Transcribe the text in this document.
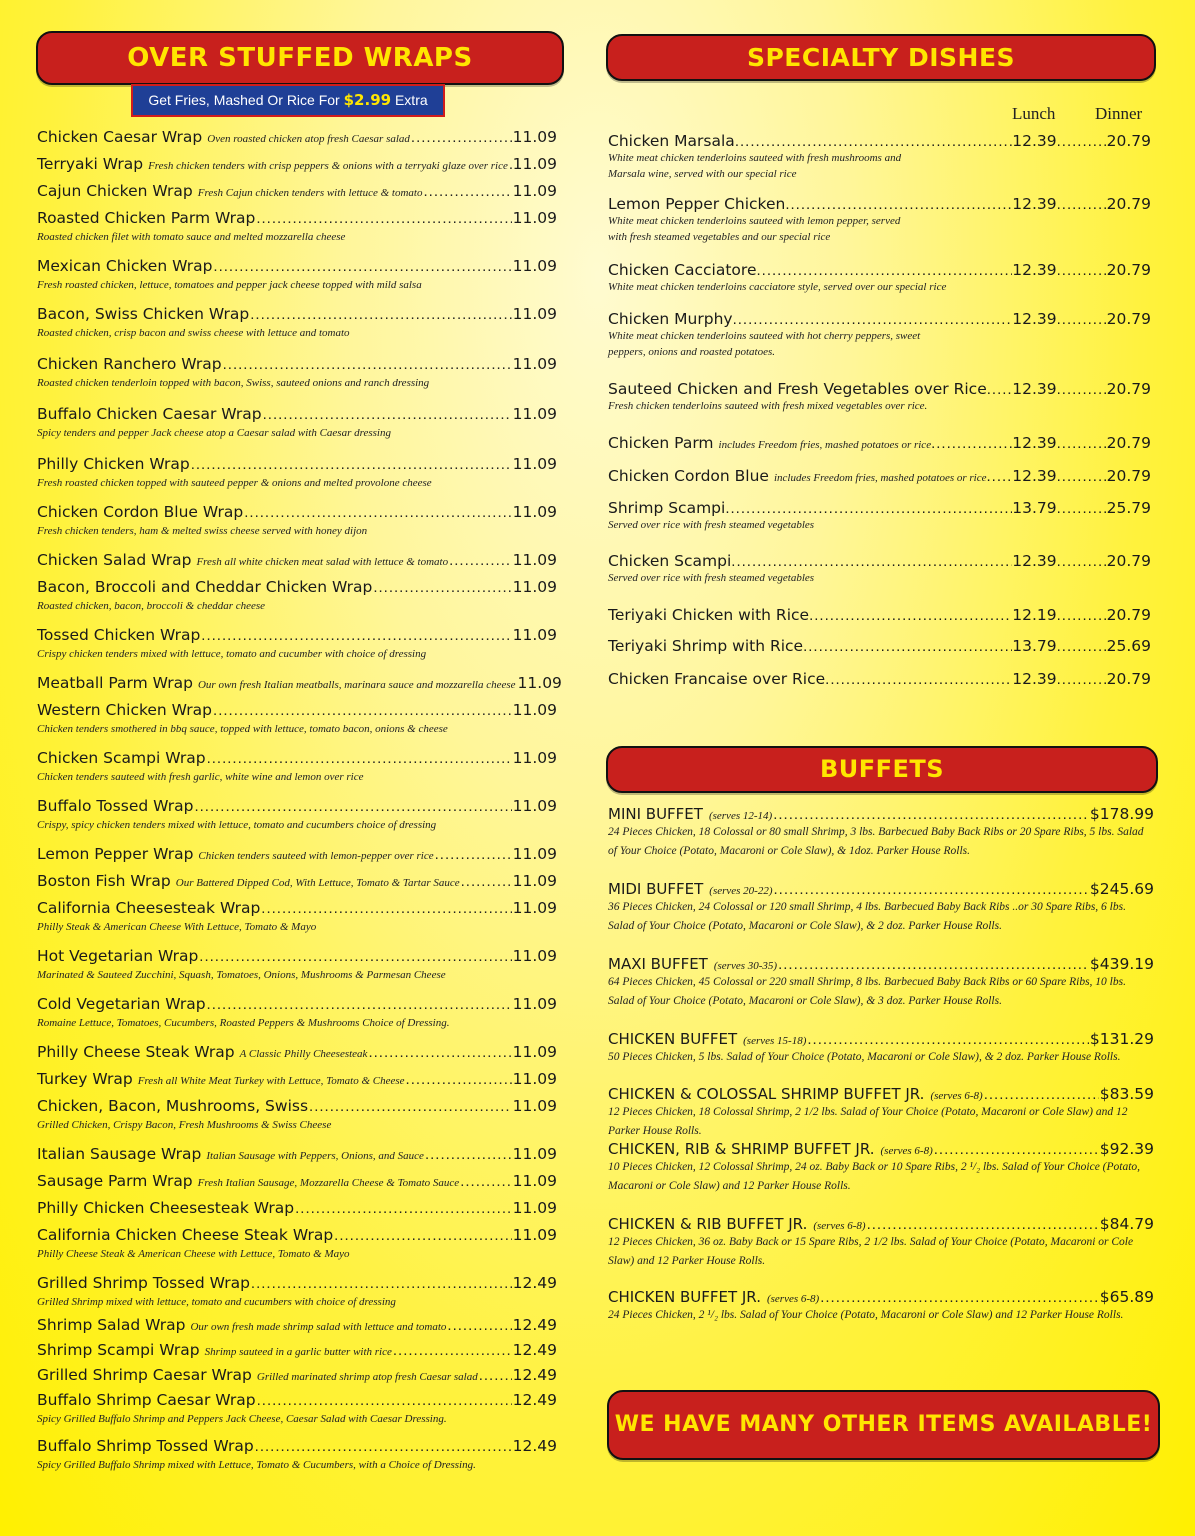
OVER STUFFED WRAPS
Get Fries, Mashed Or Rice For $2.99 Extra
Chicken Caesar Wrap Oven roasted chicken atop fresh Caesar salad .....	11.09
Terryaki Wrap Fresh chicken tenders with crisp peppers & onions with a terryaki glaze over rice ..... 11.09
Cajun Chicken Wrap Fresh Cajun chicken tenders with lettuce & tomato .....	11.09
Roasted Chicken Parm Wrap .....	11.09
Roasted chicken filet with tomato sauce and melted mozzarella cheese
Mexican Chicken Wrap .....	11.09
Fresh roasted chicken, lettuce, tomatoes and pepper jack cheese topped with mild salsa
Bacon, Swiss Chicken Wrap .....	11.09
Roasted chicken, crisp bacon and swiss cheese with lettuce and tomato
Chicken Ranchero Wrap .....	11.09
Roasted chicken tenderloin topped with bacon, Swiss, sauteed onions and ranch dressing
Buffalo Chicken Caesar Wrap .....	11.09
Spicy tenders and pepper Jack cheese atop a Caesar salad with Caesar dressing
Philly Chicken Wrap .....	11.09
Fresh roasted chicken topped with sauteed pepper & onions and melted provolone cheese
Chicken Cordon Blue Wrap .....	11.09
Fresh chicken tenders, ham & melted swiss cheese served with honey dijon
Chicken Salad Wrap Fresh all white chicken meat salad with lettuce & tomato .....	11.09
Bacon, Broccoli and Cheddar Chicken Wrap .....	11.09
Roasted chicken, bacon, broccoli & cheddar cheese
Tossed Chicken Wrap .....	11.09
Crispy chicken tenders mixed with lettuce, tomato and cucumber with choice of dressing
Meatball Parm Wrap Our own fresh Italian meatballs, marinara sauce and mozzarella cheese 11.09
Western Chicken Wrap .....	11.09
Chicken tenders smothered in bbq sauce, topped with lettuce, tomato bacon, onions & cheese
Chicken Scampi Wrap .....	11.09
Chicken tenders sauteed with fresh garlic, white wine and lemon over rice
Buffalo Tossed Wrap .....	11.09
Crispy, spicy chicken tenders mixed with lettuce, tomato and cucumbers choice of dressing
Lemon Pepper Wrap Chicken tenders sauteed with lemon-pepper over rice .....	11.09
Boston Fish Wrap Our Battered Dipped Cod, With Lettuce, Tomato & Tartar Sauce .....	11.09
California Cheesesteak Wrap .....	11.09
Philly Steak & American Cheese With Lettuce, Tomato & Mayo
Hot Vegetarian Wrap .....	11.09
Marinated & Sauteed Zucchini, Squash, Tomatoes, Onions, Mushrooms & Parmesan Cheese
Cold Vegetarian Wrap .....	11.09
Romaine Lettuce, Tomatoes, Cucumbers, Roasted Peppers & Mushrooms Choice of Dressing.
Philly Cheese Steak Wrap A Classic Philly Cheesesteak .....	11.09
Turkey Wrap Fresh all White Meat Turkey with Lettuce, Tomato & Cheese .....	11.09
Chicken, Bacon, Mushrooms, Swiss .....	11.09
Grilled Chicken, Crispy Bacon, Fresh Mushrooms & Swiss Cheese
Italian Sausage Wrap Italian Sausage with Peppers, Onions, and Sauce .....	11.09
Sausage Parm Wrap Fresh Italian Sausage, Mozzarella Cheese & Tomato Sauce .....	11.09
Philly Chicken Cheesesteak Wrap .....	11.09
California Chicken Cheese Steak Wrap .....	11.09
Philly Cheese Steak & American Cheese with Lettuce, Tomato & Mayo
Grilled Shrimp Tossed Wrap .....	12.49
Grilled Shrimp mixed with lettuce, tomato and cucumbers with choice of dressing
Shrimp Salad Wrap Our own fresh made shrimp salad with lettuce and tomato .....	12.49
Shrimp Scampi Wrap Shrimp sauteed in a garlic butter with rice .....	12.49
Grilled Shrimp Caesar Wrap Grilled marinated shrimp atop fresh Caesar salad ..... 12.49
Buffalo Shrimp Caesar Wrap .....	12.49
Spicy Grilled Buffalo Shrimp and Peppers Jack Cheese, Caesar Salad with Caesar Dressing.
Buffalo Shrimp Tossed Wrap .....	12.49
Spicy Grilled Buffalo Shrimp mixed with Lettuce, Tomato & Cucumbers, with a Choice of Dressing.
SPECIALTY DISHES
Lunch Dinner
Chicken Marsala .....	12.39 .....	20.79
White meat chicken tenderloins sauteed with fresh mushrooms and
Marsala wine, served with our special rice
Lemon Pepper Chicken .....	12.39 .....	20.79
White meat chicken tenderloins sauteed with lemon pepper, served
with fresh steamed vegetables and our special rice
Chicken Cacciatore .....	12.39 .....	20.79
White meat chicken tenderloins cacciatore style, served over our special rice
Chicken Murphy .....	12.39 .....	20.79
White meat chicken tenderloins sauteed with hot cherry peppers, sweet
peppers, onions and roasted potatoes.
Sauteed Chicken and Fresh Vegetables over Rice ..... 12.39 .....	20.79
Fresh chicken tenderloins sauteed with fresh mixed vegetables over rice.
Chicken Parm includes Freedom fries, mashed potatoes or rice .....	12.39 .....	20.79
Chicken Cordon Blue includes Freedom fries, mashed potatoes or rice ..... 12.39 .....	20.79
Shrimp Scampi .....	13.79 .....	25.79
Served over rice with fresh steamed vegetables
Chicken Scampi .....	12.39 .....	20.79
Served over rice with fresh steamed vegetables
Teriyaki Chicken with Rice .....	12.19 .....	20.79
Teriyaki Shrimp with Rice .....	13.79 .....	25.69
Chicken Francaise over Rice .....	12.39 .....	20.79
BUFFETS
MINI BUFFET (serves 12-14) .....	$178.99
24 Pieces Chicken, 18 Colossal or 80 small Shrimp, 3 lbs. Barbecued Baby Back Ribs or 20 Spare Ribs, 5 lbs. Salad of Your Choice (Potato, Macaroni or Cole Slaw), & 1doz. Parker House Rolls.
MIDI BUFFET (serves 20-22) .....	$245.69
36 Pieces Chicken, 24 Colossal or 120 small Shrimp, 4 lbs. Barbecued Baby Back Ribs ..or 30 Spare Ribs, 6 lbs. Salad of Your Choice (Potato, Macaroni or Cole Slaw), & 2 doz. Parker House Rolls.
MAXI BUFFET (serves 30-35) .....	$439.19
64 Pieces Chicken, 45 Colossal or 220 small Shrimp, 8 lbs. Barbecued Baby Back Ribs or 60 Spare Ribs, 10 lbs. Salad of Your Choice (Potato, Macaroni or Cole Slaw), & 3 doz. Parker House Rolls.
CHICKEN BUFFET (serves 15-18) .....	$131.29
50 Pieces Chicken, 5 lbs. Salad of Your Choice (Potato, Macaroni or Cole Slaw), & 2 doz. Parker House Rolls.
CHICKEN & COLOSSAL SHRIMP BUFFET JR. (serves 6-8) .....	$83.59
12 Pieces Chicken, 18 Colossal Shrimp, 2 1/2 lbs. Salad of Your Choice (Potato, Macaroni or Cole Slaw) and 12 Parker House Rolls.
CHICKEN, RIB & SHRIMP BUFFET JR. (serves 6-8) .....	$92.39
10 Pieces Chicken, 12 Colossal Shrimp, 24 oz. Baby Back or 10 Spare Ribs, 2 ¹/₂ lbs. Salad of Your Choice (Potato, Macaroni or Cole Slaw) and 12 Parker House Rolls.
CHICKEN & RIB BUFFET JR. (serves 6-8) .....	$84.79
12 Pieces Chicken, 36 oz. Baby Back or 15 Spare Ribs, 2 1/2 lbs. Salad of Your Choice (Potato, Macaroni or Cole Slaw) and 12 Parker House Rolls.
CHICKEN BUFFET JR. (serves 6-8) .....	$65.89
24 Pieces Chicken, 2 ¹/₂ lbs. Salad of Your Choice (Potato, Macaroni or Cole Slaw) and 12 Parker House Rolls.
WE HAVE MANY OTHER ITEMS AVAILABLE!
